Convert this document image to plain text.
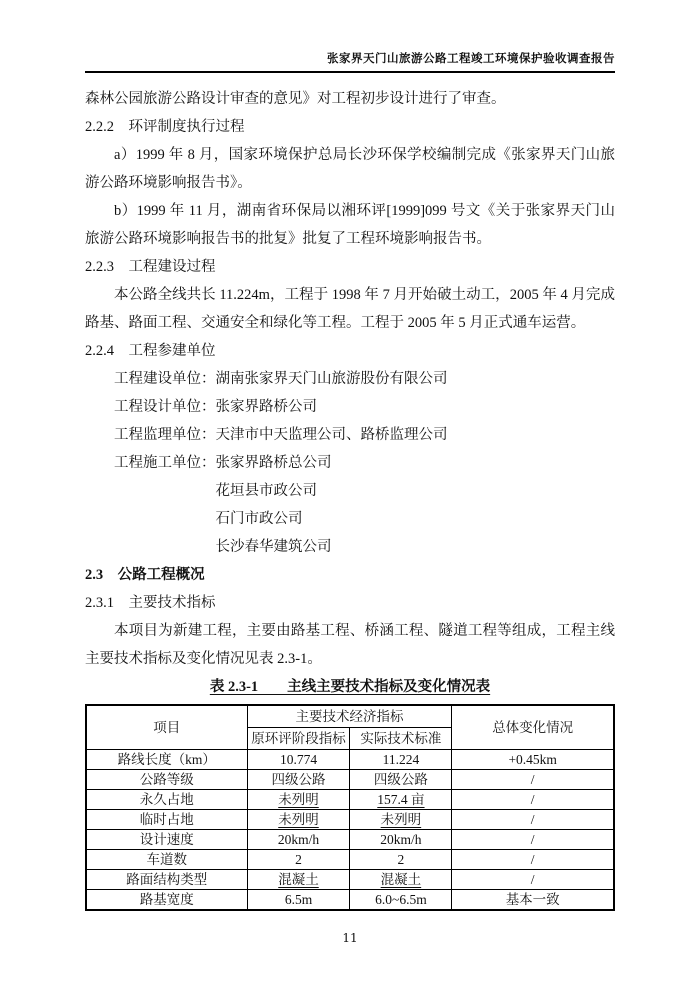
张家界天门山旅游公路工程竣工环境保护验收调查报告

森林公园旅游公路设计审查的意见》对工程初步设计进行了审查。

2.2.2　环评制度执行过程

a）1999 年 8 月，国家环境保护总局长沙环保学校编制完成《张家界天门山旅游公路环境影响报告书》。

b）1999 年 11 月，湖南省环保局以湘环评[1999]099 号文《关于张家界天门山旅游公路环境影响报告书的批复》批复了工程环境影响报告书。

2.2.3　工程建设过程

本公路全线共长 11.224m，工程于 1998 年 7 月开始破土动工，2005 年 4 月完成路基、路面工程、交通安全和绿化等工程。工程于 2005 年 5 月正式通车运营。

2.2.4　工程参建单位
工程建设单位：湖南张家界天门山旅游股份有限公司
工程设计单位：张家界路桥公司
工程监理单位：天津市中天监理公司、路桥监理公司
工程施工单位：张家界路桥总公司
花垣县市政公司
石门市政公司
长沙春华建筑公司
2.3　公路工程概况
2.3.1　主要技术指标

本项目为新建工程，主要由路基工程、桥涵工程、隧道工程等组成，工程主线主要技术指标及变化情况见表 2.3-1。

表 2.3-1　　主线主要技术指标及变化情况表
项目	主要技术经济指标		总体变化情况
	原环评阶段指标	实际技术标准	
路线长度（km）	10.774	11.224	+0.45km
公路等级	四级公路	四级公路	/
永久占地	未列明	157.4 亩	/
临时占地	未列明	未列明	/
设计速度	20km/h	20km/h	/
车道数	2	2	/
路面结构类型	混凝土	混凝土	/
路基宽度	6.5m	6.0~6.5m	基本一致
11
